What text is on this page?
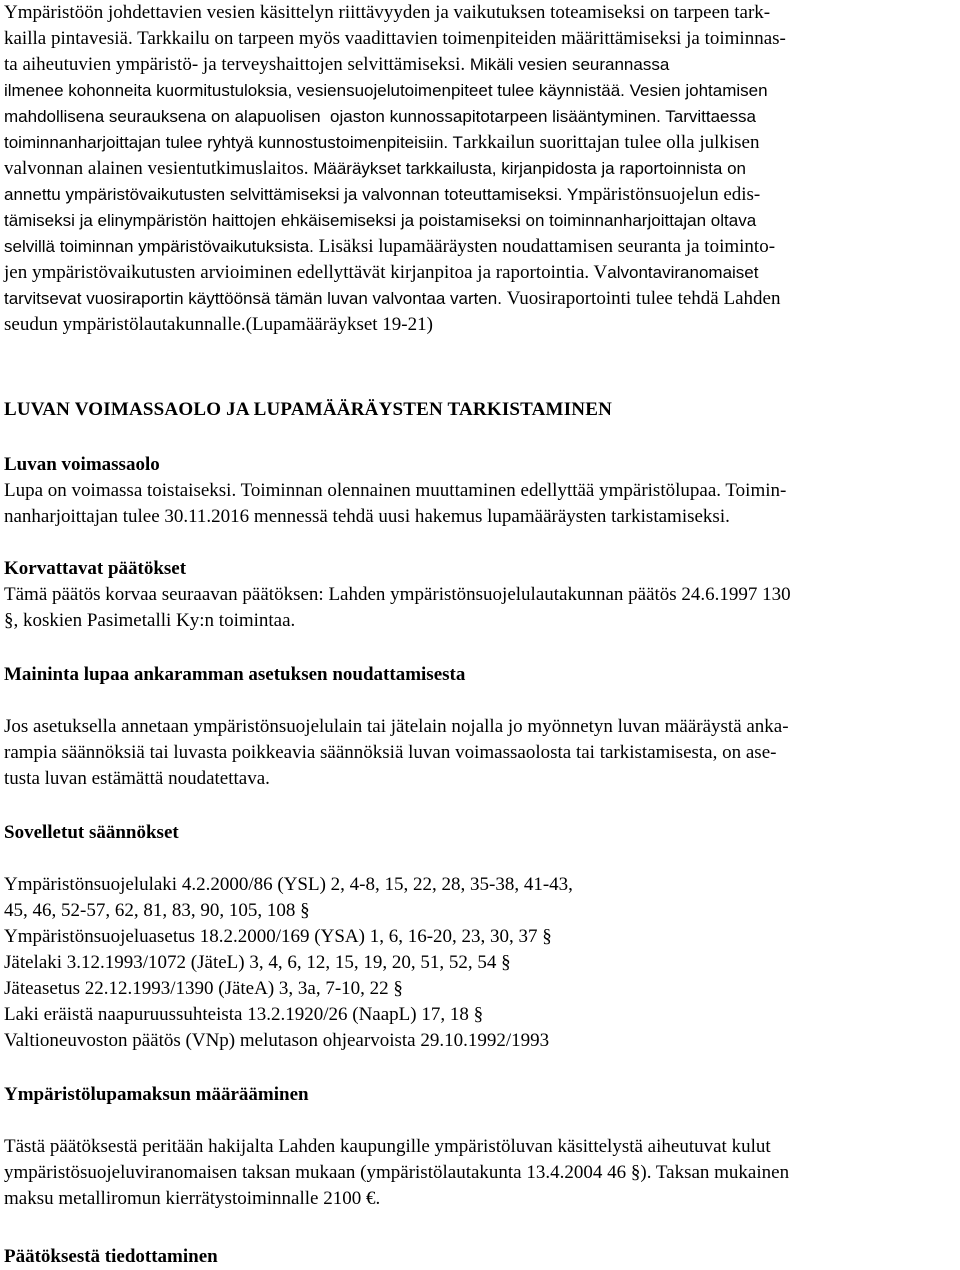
Ympäristöön johdettavien vesien käsittelyn riittävyyden ja vaikutuksen toteamiseksi on tarpeen tark-
kailla pintavesiä. Tarkkailu on tarpeen myös vaadittavien toimenpiteiden määrittämiseksi ja toiminnas-
ta aiheutuvien ympäristö- ja terveyshaittojen selvittämiseksi. Mikäli vesien seurannassa
ilmenee kohonneita kuormitustuloksia, vesiensuojelutoimenpiteet tulee käynnistää. Vesien johtamisen
mahdollisena seurauksena on alapuolisen  ojaston kunnossapitotarpeen lisääntyminen. Tarvittaessa
toiminnanharjoittajan tulee ryhtyä kunnostustoimenpiteisiin. Tarkkailun suorittajan tulee olla julkisen
valvonnan alainen vesientutkimuslaitos. Määräykset tarkkailusta, kirjanpidosta ja raportoinnista on
annettu ympäristövaikutusten selvittämiseksi ja valvonnan toteuttamiseksi. Ympäristönsuojelun edis-
tämiseksi ja elinympäristön haittojen ehkäisemiseksi ja poistamiseksi on toiminnanharjoittajan oltava
selvillä toiminnan ympäristövaikutuksista. Lisäksi lupamääräysten noudattamisen seuranta ja toiminto-
jen ympäristövaikutusten arvioiminen edellyttävät kirjanpitoa ja raportointia. Valvontaviranomaiset
tarvitsevat vuosiraportin käyttöönsä tämän luvan valvontaa varten. Vuosiraportointi tulee tehdä Lahden
seudun ympäristölautakunnalle.(Lupamääräykset 19-21)
LUVAN VOIMASSAOLO JA LUPAMÄÄRÄYSTEN TARKISTAMINEN
Luvan voimassaolo
Lupa on voimassa toistaiseksi. Toiminnan olennainen muuttaminen edellyttää ympäristölupaa. Toimin-
nanharjoittajan tulee 30.11.2016 mennessä tehdä uusi hakemus lupamääräysten tarkistamiseksi.
Korvattavat päätökset
Tämä päätös korvaa seuraavan päätöksen: Lahden ympäristönsuojelulautakunnan päätös 24.6.1997 130
§, koskien Pasimetalli Ky:n toimintaa.
Maininta lupaa ankaramman asetuksen noudattamisesta
Jos asetuksella annetaan ympäristönsuojelulain tai jätelain nojalla jo myönnetyn luvan määräystä anka-
rampia säännöksiä tai luvasta poikkeavia säännöksiä luvan voimassaolosta tai tarkistamisesta, on ase-
tusta luvan estämättä noudatettava.
Sovelletut säännökset
Ympäristönsuojelulaki 4.2.2000/86 (YSL) 2, 4-8, 15, 22, 28, 35-38, 41-43,
45, 46, 52-57, 62, 81, 83, 90, 105, 108 §
Ympäristönsuojeluasetus 18.2.2000/169 (YSA) 1, 6, 16-20, 23, 30, 37 §
Jätelaki 3.12.1993/1072 (JäteL) 3, 4, 6, 12, 15, 19, 20, 51, 52, 54 §
Jäteasetus 22.12.1993/1390 (JäteA) 3, 3a, 7-10, 22 §
Laki eräistä naapuruussuhteista 13.2.1920/26 (NaapL) 17, 18 §
Valtioneuvoston päätös (VNp) melutason ohjearvoista 29.10.1992/1993
Ympäristölupamaksun määrääminen
Tästä päätöksestä peritään hakijalta Lahden kaupungille ympäristöluvan käsittelystä aiheutuvat kulut
ympäristösuojeluviranomaisen taksan mukaan (ympäristölautakunta 13.4.2004 46 §). Taksan mukainen
maksu metalliromun kierrätystoiminnalle 2100 €.
Päätöksestä tiedottaminen
